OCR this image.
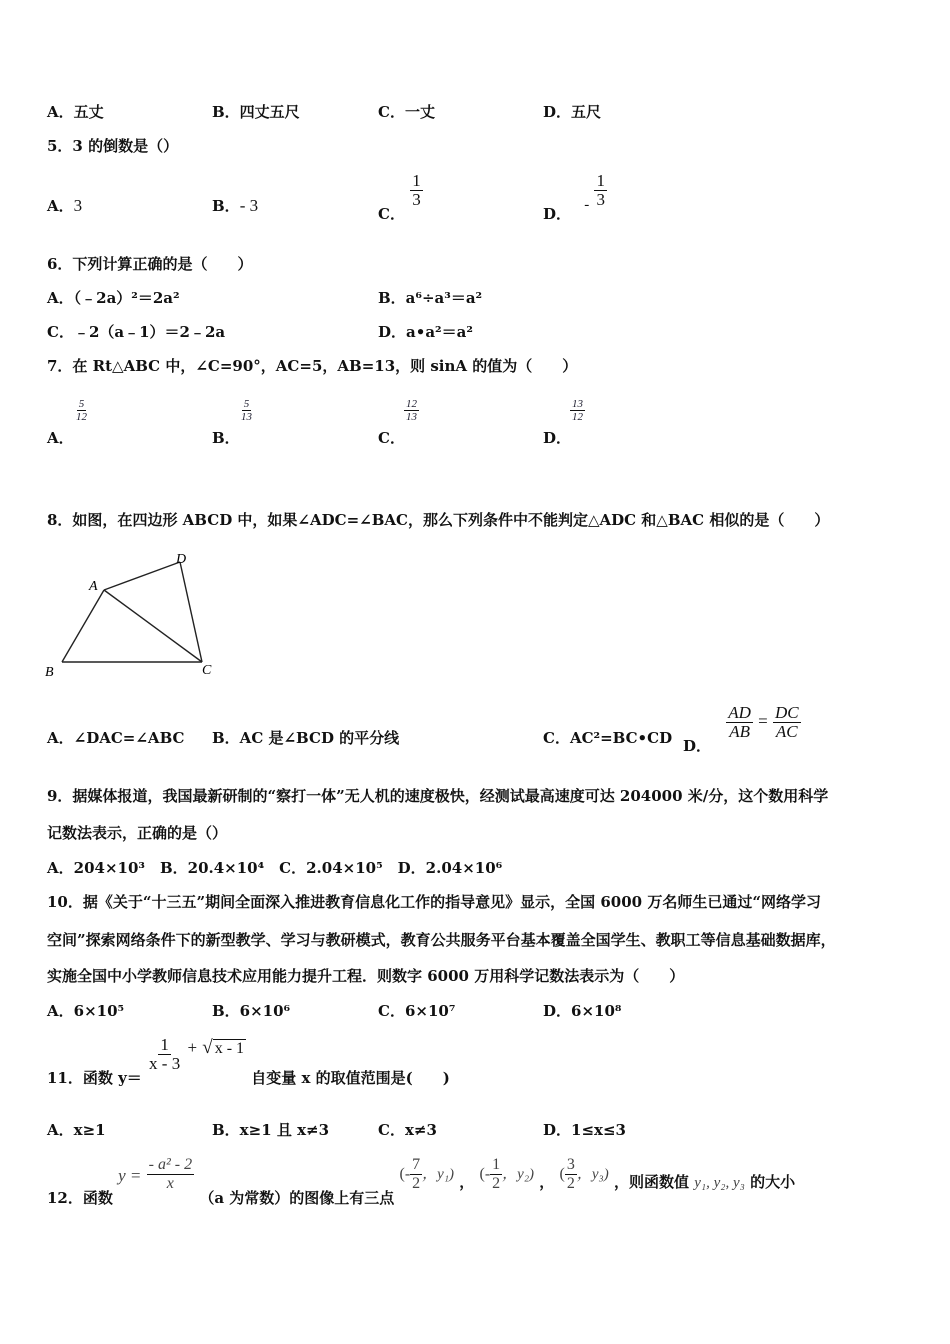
A．五丈	B．四丈五尺	C．一丈	D．五尺
5．3 的倒数是（）
A．3	B．- 3	C．
$\frac{1}{3}$
D． - $\frac{1}{3}$
6．下列计算正确的是（　　）
A．（﹣2a）²＝2a²	B．a⁶÷a³＝a²
C．﹣2（a﹣1）＝2﹣2a	D．a•a²＝a²
7．在 Rt△ABC 中，∠C=90°，AC=5，AB=13，则 sinA 的值为（　　）
$\frac{5}{12}$
A．
$\frac{5}{13}$
B．
$\frac{12}{13}$
C．
$\frac{13}{12}$
D．
8．如图，在四边形 ABCD 中，如果∠ADC=∠BAC，那么下列条件中不能判定△ADC 和△BAC 相似的是（　　）
A
D
B	C
A．∠DAC=∠ABC B．AC 是∠BCD 的平分线	C．AC²=BC•CD D．
$\frac{AD}{AB} = \frac{DC}{AC}$
9．据媒体报道，我国最新研制的“察打一体”无人机的速度极快，经测试最高速度可达 204000 米/分，这个数用科学
记数法表示，正确的是（）
A．204×10³　B．20.4×10⁴　C．2.04×10⁵　D．2.04×10⁶
10．据《关于“十三五”期间全面深入推进教育信息化工作的指导意见》显示，全国 6000 万名师生已通过“网络学习
空间”探索网络条件下的新型教学、学习与教研模式，教育公共服务平台基本覆盖全国学生、教职工等信息基础数据库，
实施全国中小学教师信息技术应用能力提升工程．则数字 6000 万用科学记数法表示为（　　）
A．6×10⁵	B．6×10⁶	C．6×10⁷	D．6×10⁸
11．函数 y＝
$\frac{1}{x - 3}$ + √ x - 1 自变量 x 的取值范围是(　　)
A．x≥1	B．x≥1 且 x≠3	C．x≠3	D．1≤x≤3
12．函数 $y = \frac{\text{- a² - 2}}{x}$
（a 为常数）的图像上有三点 (- $\frac{7}{2}$ ，y₁) ， (- $\frac{1}{2}$ ，y₂) ， ( $\frac{3}{2}$ ，y₃) ，则函数值 y₁, y₂, y₃ 的大小
